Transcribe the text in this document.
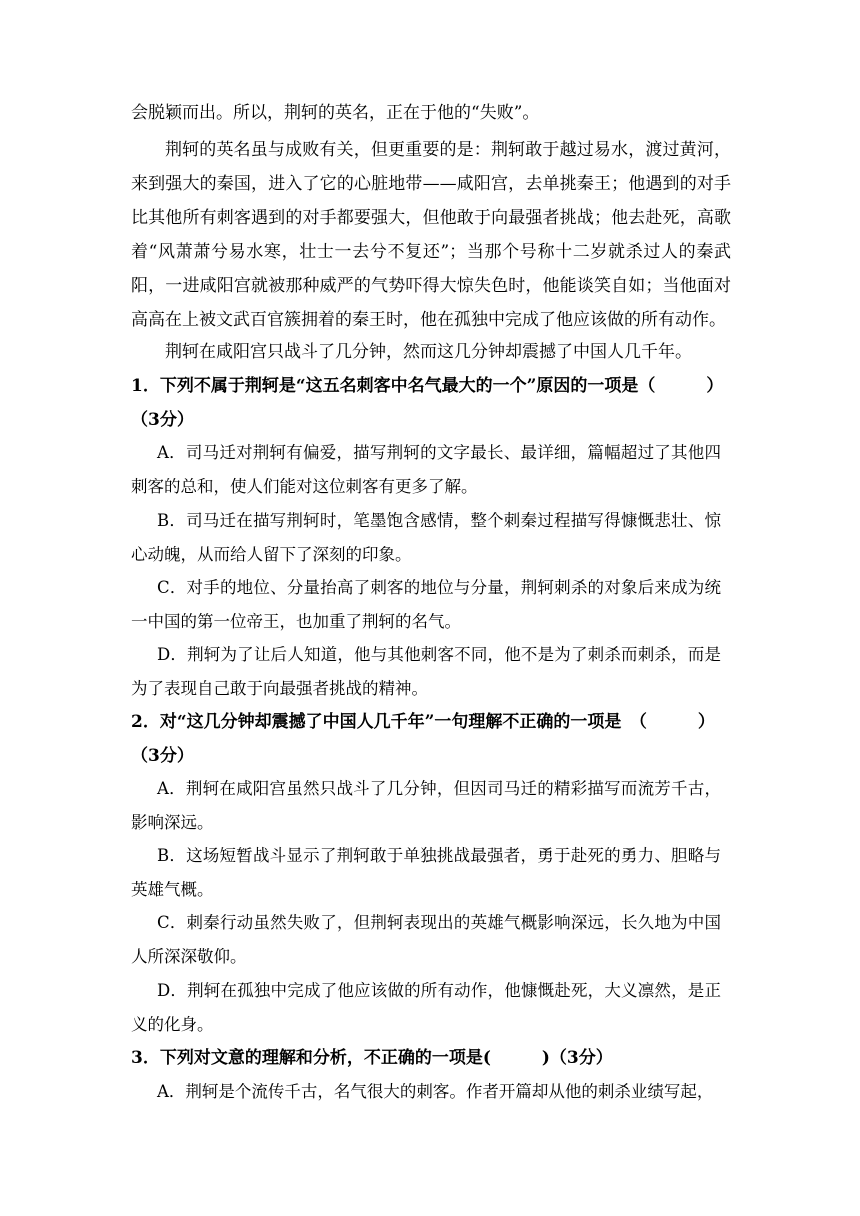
会脱颖而出。所以，荆轲的英名，正在于他的“失败”。

荆轲的英名虽与成败有关，但更重要的是：荆轲敢于越过易水，渡过黄河，来到强大的秦国，进入了它的心脏地带——咸阳宫，去单挑秦王；他遇到的对手比其他所有刺客遇到的对手都要强大，但他敢于向最强者挑战；他去赴死，高歌着“风萧萧兮易水寒，壮士一去兮不复还”；当那个号称十二岁就杀过人的秦武阳，一进咸阳宫就被那种威严的气势吓得大惊失色时，他能谈笑自如；当他面对高高在上被文武百官簇拥着的秦王时，他在孤独中完成了他应该做的所有动作。

荆轲在咸阳宫只战斗了几分钟，然而这几分钟却震撼了中国人几千年。

1．下列不属于荆轲是“这五名刺客中名气最大的一个”原因的一项是（　　　）（3分）

A．司马迁对荆轲有偏爱，描写荆轲的文字最长、最详细，篇幅超过了其他四刺客的总和，使人们能对这位刺客有更多了解。

B．司马迁在描写荆轲时，笔墨饱含感情，整个刺秦过程描写得慷慨悲壮、惊心动魄，从而给人留下了深刻的印象。

C．对手的地位、分量抬高了刺客的地位与分量，荆轲刺杀的对象后来成为统一中国的第一位帝王，也加重了荆轲的名气。

D．荆轲为了让后人知道，他与其他刺客不同，他不是为了刺杀而刺杀，而是为了表现自己敢于向最强者挑战的精神。

2．对“这几分钟却震撼了中国人几千年”一句理解不正确的一项是　（　　　）（3分）

A．荆轲在咸阳宫虽然只战斗了几分钟，但因司马迁的精彩描写而流芳千古，影响深远。

B．这场短暂战斗显示了荆轲敢于单独挑战最强者，勇于赴死的勇力、胆略与英雄气概。

C．刺秦行动虽然失败了，但荆轲表现出的英雄气概影响深远，长久地为中国人所深深敬仰。

D．荆轲在孤独中完成了他应该做的所有动作，他慷慨赴死，大义凛然，是正义的化身。

3．下列对文意的理解和分析，不正确的一项是(　　　)（3分）

A．荆轲是个流传千古，名气很大的刺客。作者开篇却从他的刺杀业绩写起，
